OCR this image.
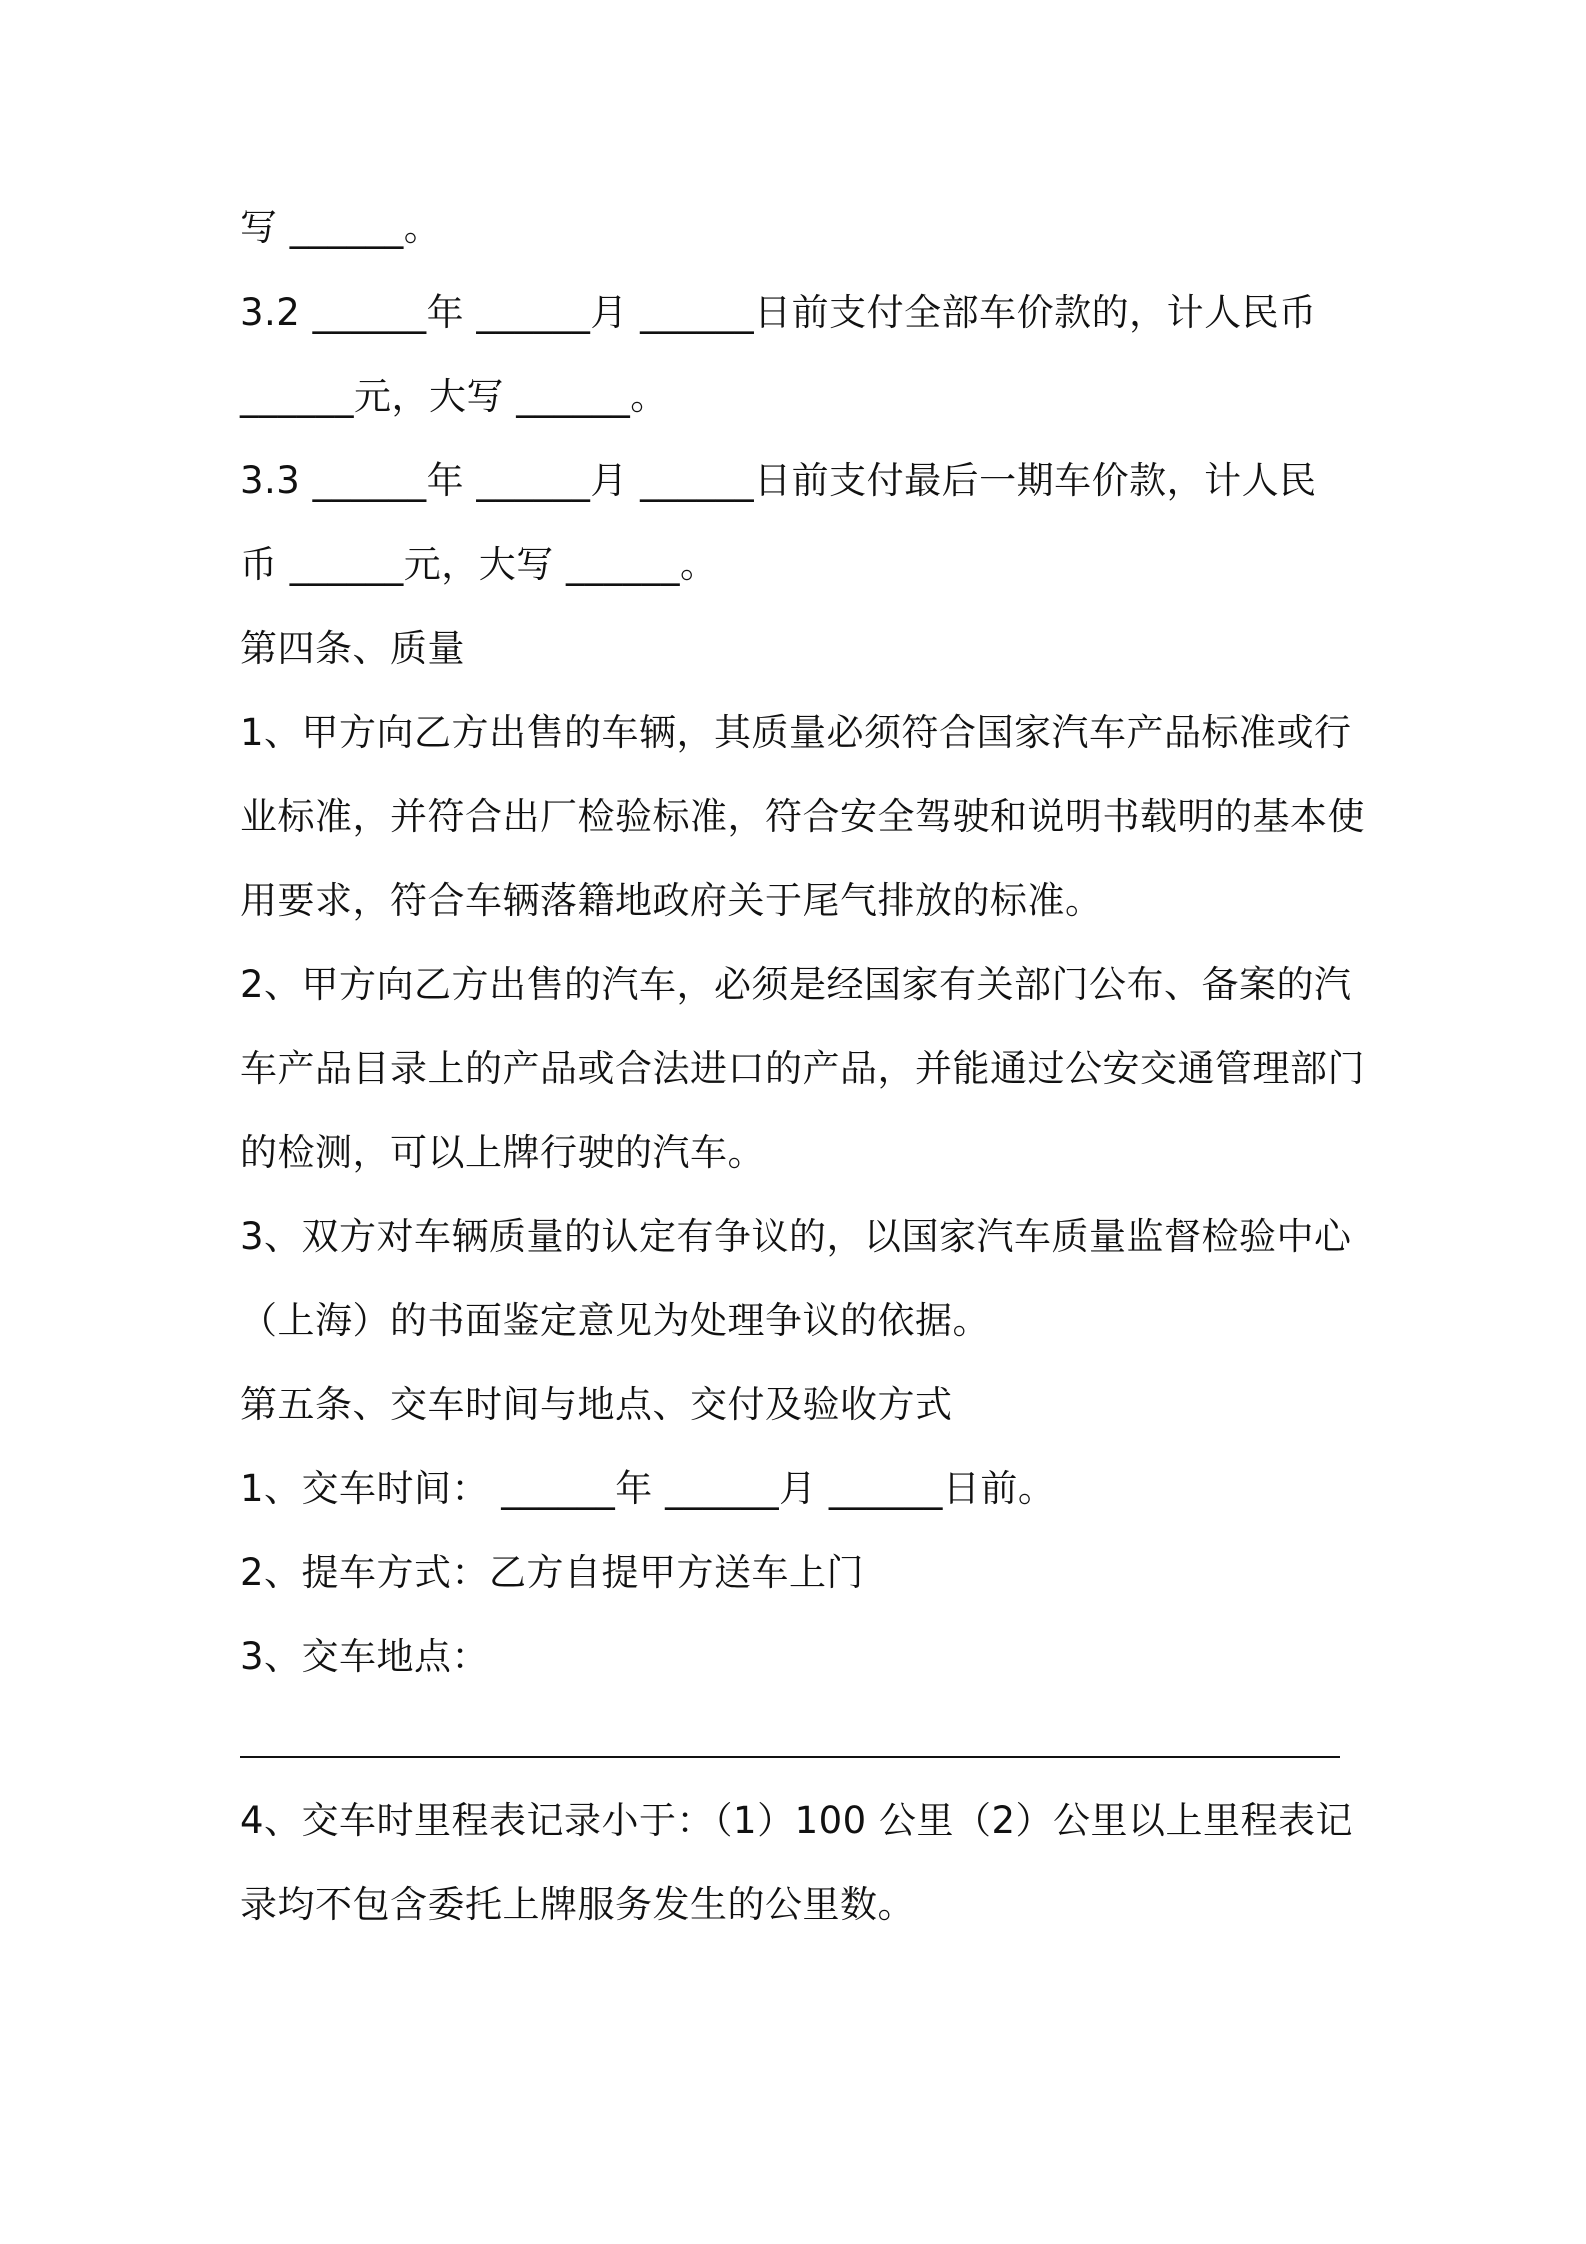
写 ______。
3.2 ______年 ______月 ______日前支付全部车价款的，计人民币
______元，大写 ______。
3.3 ______年 ______月 ______日前支付最后一期车价款，计人民
币 ______元，大写 ______。
第四条、质量
1、甲方向乙方出售的车辆，其质量必须符合国家汽车产品标准或行
业标准，并符合出厂检验标准，符合安全驾驶和说明书载明的基本使
用要求，符合车辆落籍地政府关于尾气排放的标准。
2、甲方向乙方出售的汽车，必须是经国家有关部门公布、备案的汽
车产品目录上的产品或合法进口的产品，并能通过公安交通管理部门
的检测，可以上牌行驶的汽车。
3、双方对车辆质量的认定有争议的，以国家汽车质量监督检验中心
（上海）的书面鉴定意见为处理争议的依据。
第五条、交车时间与地点、交付及验收方式
1、交车时间： ______年 ______月 ______日前。
2、提车方式：乙方自提甲方送车上门
3、交车地点：
4、交车时里程表记录小于：（1）100 公里（2）公里以上里程表记
录均不包含委托上牌服务发生的公里数。
